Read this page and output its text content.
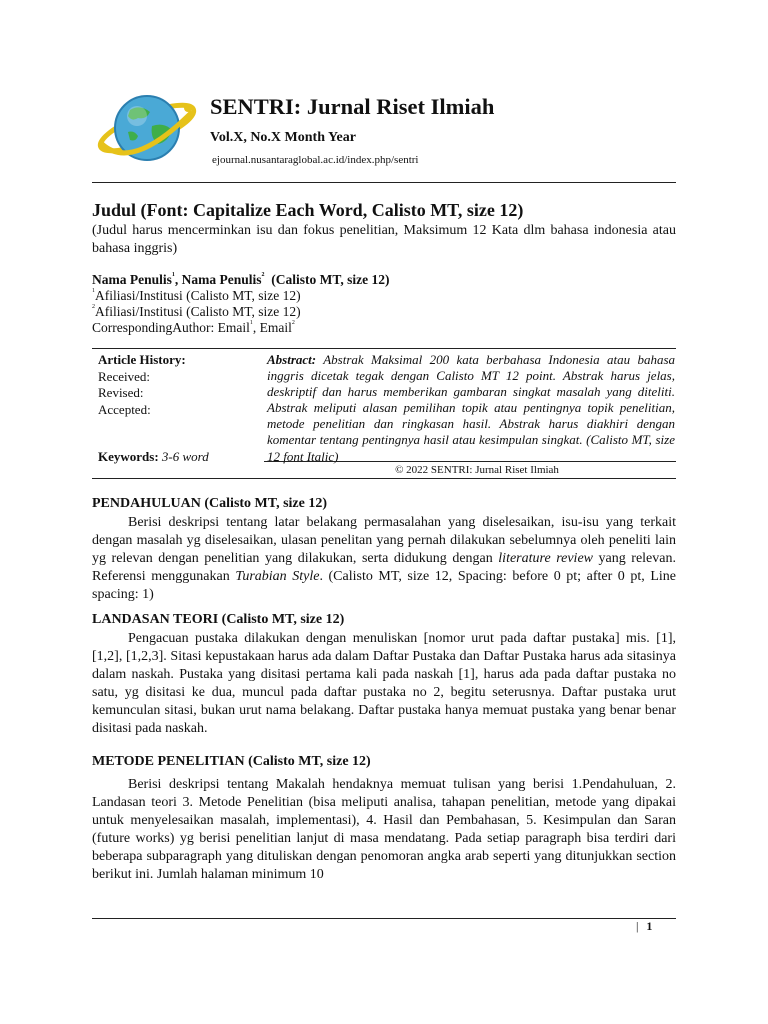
SENTRI: Jurnal Riset Ilmiah
Vol.X, No.X Month Year
ejournal.nusantaraglobal.ac.id/index.php/sentri
Judul (Font: Capitalize Each Word, Calisto MT, size 12)
(Judul harus mencerminkan isu dan fokus penelitian, Maksimum 12 Kata dlm bahasa indonesia atau bahasa inggris)
Nama Penulis$^1$, Nama Penulis$^2$  (Calisto MT, size 12)
$^1$Afiliasi/Institusi (Calisto MT, size 12)
$^2$Afiliasi/Institusi (Calisto MT, size 12)
CorrespondingAuthor: Email$^1$, Email$^2$
Article History:
Received:
Revised:
Accepted:
Keywords: 3-6 word
Abstract: Abstrak Maksimal 200 kata berbahasa Indonesia atau bahasa inggris dicetak tegak dengan Calisto MT 12 point. Abstrak harus jelas, deskriptif dan harus memberikan gambaran singkat masalah yang diteliti. Abstrak meliputi alasan pemilihan topik atau pentingnya topik penelitian, metode penelitian dan ringkasan hasil. Abstrak harus diakhiri dengan komentar tentang pentingnya hasil atau kesimpulan singkat. (Calisto MT, size 12 font Italic)
© 2022 SENTRI: Jurnal Riset Ilmiah
PENDAHULUAN (Calisto MT, size 12)
Berisi deskripsi tentang latar belakang permasalahan yang diselesaikan, isu-isu yang terkait dengan masalah yg diselesaikan, ulasan penelitan yang pernah dilakukan sebelumnya oleh peneliti lain yg relevan dengan penelitian yang dilakukan, serta didukung dengan literature review yang relevan. Referensi menggunakan Turabian Style. (Calisto MT, size 12, Spacing: before 0 pt; after 0 pt, Line spacing: 1)
LANDASAN TEORI (Calisto MT, size 12)
Pengacuan pustaka dilakukan dengan menuliskan [nomor urut pada daftar pustaka] mis. [1], [1,2], [1,2,3]. Sitasi kepustakaan harus ada dalam Daftar Pustaka dan Daftar Pustaka harus ada sitasinya dalam naskah. Pustaka yang disitasi pertama kali pada naskah [1], harus ada pada daftar pustaka no satu, yg disitasi ke dua, muncul pada daftar pustaka no 2, begitu seterusnya. Daftar pustaka urut kemunculan sitasi, bukan urut nama belakang. Daftar pustaka hanya memuat pustaka yang benar benar disitasi pada naskah.
METODE PENELITIAN (Calisto MT, size 12)
Berisi deskripsi tentang Makalah hendaknya memuat tulisan yang berisi 1.Pendahuluan, 2. Landasan teori 3. Metode Penelitian (bisa meliputi analisa, tahapan penelitian, metode yang dipakai untuk menyelesaikan masalah, implementasi), 4. Hasil dan Pembahasan, 5. Kesimpulan dan Saran (future works) yg berisi penelitian lanjut di masa mendatang. Pada setiap paragraph bisa terdiri dari beberapa subparagraph yang dituliskan dengan penomoran angka arab seperti yang ditunjukkan section berikut ini. Jumlah halaman minimum 10
| 1
